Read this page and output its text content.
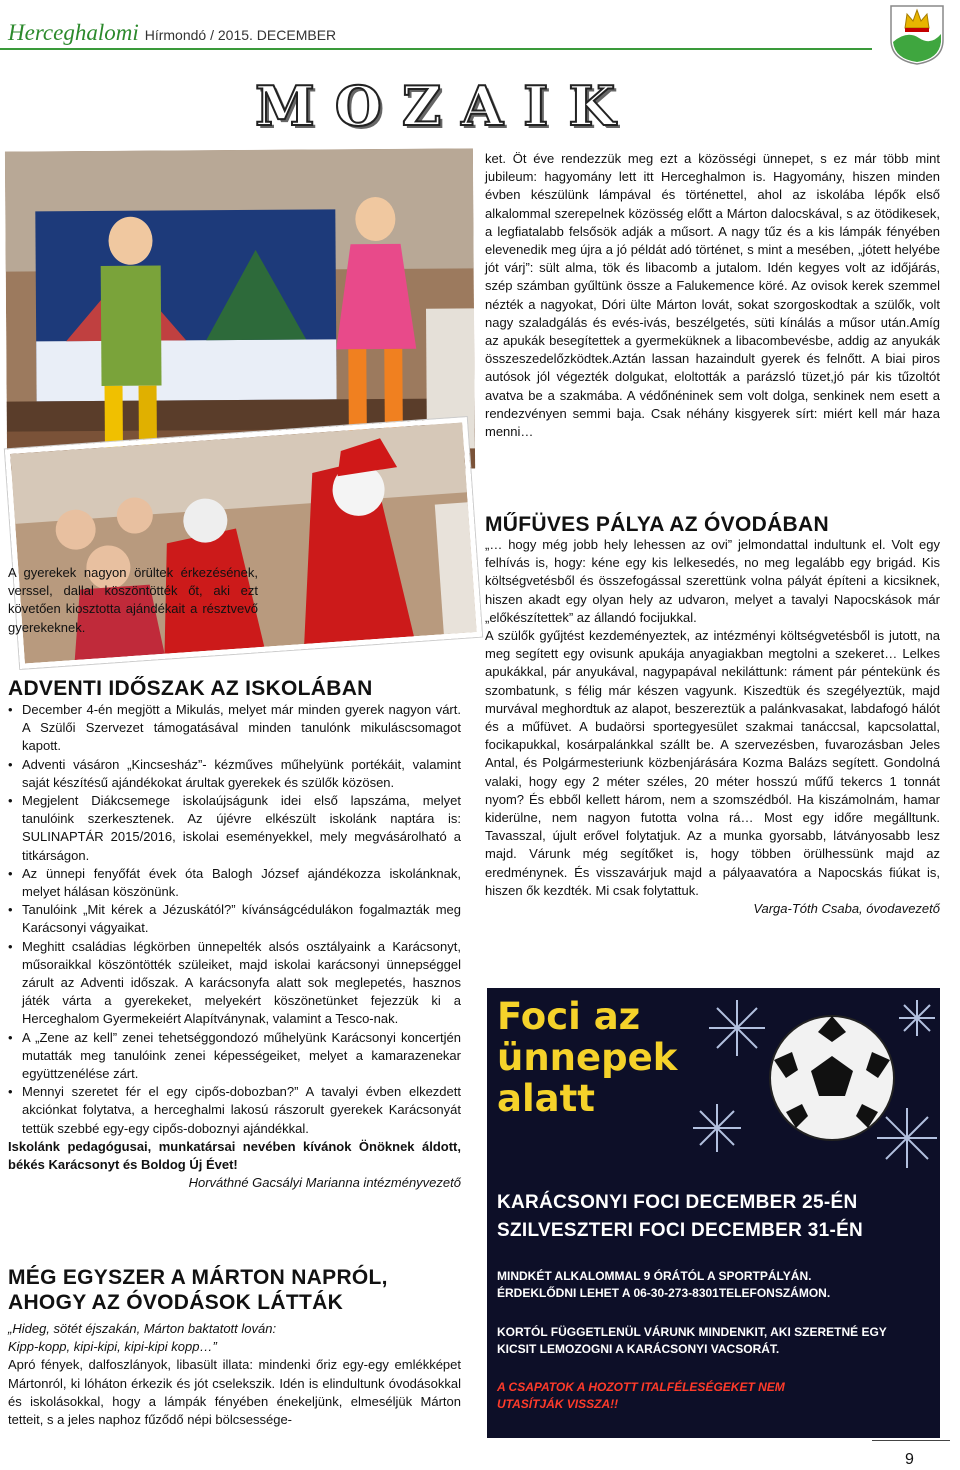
Herceghalomi Hírmondó / 2015. DECEMBER
MOZAIK
A gyerekek nagyon örültek érkezésének, verssel, dallal köszöntötték őt, aki ezt követően kiosztotta ajándékait a résztvevő gyerekeknek.
ket. Öt éve rendezzük meg ezt a közösségi ünnepet, s ez már több mint jubileum: hagyomány lett itt Herceghalmon is. Hagyomány, hiszen minden évben készülünk lámpával és történettel, ahol az iskolába lépők első alkalommal szerepelnek közösség előtt a Márton dalocskával, s az ötödikesek, a legfiatalabb felsősök adják a műsort. A nagy tűz és a kis lámpák fényében elevenedik meg újra a jó példát adó történet, s mint a mesében, „jótett helyébe jót várj”: sült alma, tök és libacomb a jutalom. Idén kegyes volt az időjárás, szép számban gyűltünk össze a Falukemence köré. Az ovisok kerek szemmel nézték a nagyokat, Dóri ülte Márton lovát, sokat szorgoskodtak a szülők, volt nagy szaladgálás és evés-ivás, beszélgetés, süti kínálás a műsor után.Amíg az apukák besegítettek a gyermeküknek a libacombevésbe, addig az anyukák összeszedelőzködtek.Aztán lassan hazaindult gyerek és felnőtt. A biai piros autósok jól végezték dolgukat, eloltották a parázsló tüzet,jó pár kis tűzoltót avatva be a szakmába. A védőnéninek sem volt dolga, senkinek nem esett a rendezvényen semmi baja. Csak néhány kisgyerek sírt: miért kell már haza menni…
ADVENTI IDŐSZAK AZ ISKOLÁBAN
• December 4-én megjött a Mikulás, melyet már minden gyerek nagyon várt. A Szülői Szervezet támogatásával minden tanulónk mikuláscsomagot kapott.
• Adventi vásáron „Kincsesház”- kézműves műhelyünk portékáit, valamint saját készítésű ajándékokat árultak gyerekek és szülők közösen.
• Megjelent Diákcsemege iskolaújságunk idei első lapszáma, melyet tanulóink szerkesztenek. Az újévre elkészült iskolánk naptára is: SULINAPTÁR 2015/2016, iskolai eseményekkel, mely megvásárolható a titkárságon.
• Az ünnepi fenyőfát évek óta Balogh József ajándékozza iskolánknak, melyet hálásan köszönünk.
• Tanulóink „Mit kérek a Jézuskától?” kívánságcédulákon fogalmazták meg Karácsonyi vágyaikat.
• Meghitt családias légkörben ünnepelték alsós osztályaink a Karácsonyt, műsoraikkal köszöntötték szüleiket, majd iskolai karácsonyi ünnepséggel zárult az Adventi időszak. A karácsonyfa alatt sok meglepetés, hasznos játék várta a gyerekeket, melyekért köszönetünket fejezzük ki a Herceghalom Gyermekeiért Alapítványnak, valamint a Tesco-nak.
• A „Zene az kell” zenei tehetséggondozó műhelyünk Karácsonyi koncertjén mutatták meg tanulóink zenei képességeiket, melyet a kamarazenekar együttzenélése zárt.
• Mennyi szeretet fér el egy cipős-dobozban?” A tavalyi évben elkezdett akciónkat folytatva, a herceghalmi lakosú rászorult gyerekek Karácsonyát tettük szebbé egy-egy cipős-doboznyi ajándékkal.
Iskolánk pedagógusai, munkatársai nevében kívánok Önöknek áldott, békés Karácsonyt és Boldog Új Évet!
Horváthné Gacsályi Marianna intézményvezető
MÉG EGYSZER A MÁRTON NAPRÓL,
AHOGY AZ ÓVODÁSOK LÁTTÁK
„Hideg, sötét éjszakán, Márton baktatott lován:
Kipp-kopp, kipi-kipi, kipi-kipi kopp…”
Apró fények, dalfoszlányok, libasült illata: mindenki őriz egy-egy emlékképet Mártonról, ki lóháton érkezik és jót cselekszik. Idén is elindultunk óvodásokkal és iskolásokkal, hogy a lámpák fényében énekeljünk, elmeséljük Márton tetteit, s a jeles naphoz fűződő népi bölcsessége-
MŰFÜVES PÁLYA AZ ÓVODÁBAN
„… hogy még jobb hely lehessen az ovi” jelmondattal indultunk el. Volt egy felhívás is, hogy: kéne egy kis lelkesedés, no meg legalább egy brigád. Kis költségvetésből és összefogással szerettünk volna pályát építeni a kicsiknek, hiszen akadt egy olyan hely az udvaron, melyet a tavalyi Napocskások már „előkészítettek” az állandó focijukkal.
A szülők gyűjtést kezdeményeztek, az intézményi költségvetésből is jutott, na meg segített egy ovisunk apukája anyagiakban megtolni a szekeret… Lelkes apukákkal, pár anyukával, nagypapával nekiláttunk: ráment pár péntekünk és szombatunk, s félig már készen vagyunk. Kiszedtük és szegélyeztük, majd murvával meghordtuk az alapot, beszereztük a palánkvasakat, labdafogó hálót és a műfüvet. A budaörsi sportegyesület szakmai tanáccsal, kapcsolattal, focikapukkal, kosárpalánkkal szállt be. A szervezésben, fuvarozásban Jeles Antal, és Polgármesteriunk közbenjárására Kozma Balázs segített. Gondolná valaki, hogy egy 2 méter széles, 20 méter hosszú műfű tekercs 1 tonnát nyom? És ebből kellett három, nem a szomszédból. Ha kiszámolnám, hamar kiderülne, nem nagyon futotta volna rá… Most egy időre megálltunk. Tavasszal, újult erővel folytatjuk. Az a munka gyorsabb, látványosabb lesz majd. Várunk még segítőket is, hogy többen örülhessünk majd az eredménynek. És visszavárjuk majd a pályaavatóra a Napocskás fiúkat is, hiszen ők kezdték. Mi csak folytattuk.
Varga-Tóth Csaba, óvodavezető
Foci az ünnepek alatt
KARÁCSONYI FOCI DECEMBER 25-ÉN
SZILVESZTERI FOCI DECEMBER 31-ÉN
MINDKÉT ALKALOMMAL 9 ÓRÁTÓL A SPORTPÁLYÁN.
ÉRDEKLŐDNI LEHET A 06-30-273-8301TELEFONSZÁMON.
KORTÓL FÜGGETLENÜL VÁRUNK MINDENKIT, AKI SZERETNÉ EGY KICSIT LEMOZOGNI A KARÁCSONYI VACSORÁT.
A CSAPATOK A HOZOTT ITALFÉLESÉGEKET NEM UTASÍTJÁK VISSZA!!
9
